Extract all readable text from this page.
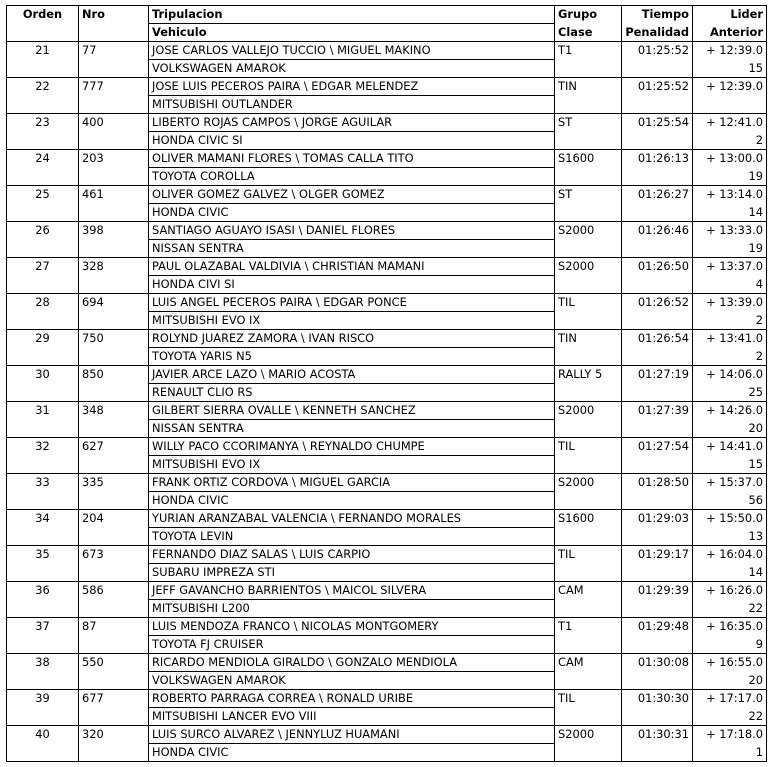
Orden	Nro	Tripulacion	Grupo	Tiempo	Lider
		Vehiculo	Clase	Penalidad	Anterior
21	77	JOSE CARLOS VALLEJO TUCCIO \ MIGUEL MAKINO	T1	01:25:52	+ 12:39.0
		VOLKSWAGEN AMAROK			15
22	777	JOSE LUIS PECEROS PAIRA \ EDGAR MELENDEZ	TIN	01:25:52	+ 12:39.0
		MITSUBISHI OUTLANDER			
23	400	LIBERTO ROJAS CAMPOS \ JORGE AGUILAR	ST	01:25:54	+ 12:41.0
		HONDA CIVIC SI			2
24	203	OLIVER MAMANI FLORES \ TOMAS CALLA TITO	S1600	01:26:13	+ 13:00.0
		TOYOTA COROLLA			19
25	461	OLIVER GOMEZ GALVEZ \ OLGER GOMEZ	ST	01:26:27	+ 13:14.0
		HONDA CIVIC			14
26	398	SANTIAGO AGUAYO ISASI \ DANIEL FLORES	S2000	01:26:46	+ 13:33.0
		NISSAN SENTRA			19
27	328	PAUL OLAZABAL VALDIVIA \ CHRISTIAN MAMANI	S2000	01:26:50	+ 13:37.0
		HONDA CIVI SI			4
28	694	LUIS ANGEL PECEROS PAIRA \ EDGAR PONCE	TIL	01:26:52	+ 13:39.0
		MITSUBISHI EVO IX			2
29	750	ROLYND JUAREZ ZAMORA \ IVAN RISCO	TIN	01:26:54	+ 13:41.0
		TOYOTA YARIS N5			2
30	850	JAVIER ARCE LAZO \ MARIO ACOSTA	RALLY 5	01:27:19	+ 14:06.0
		RENAULT CLIO RS			25
31	348	GILBERT SIERRA OVALLE \ KENNETH SANCHEZ	S2000	01:27:39	+ 14:26.0
		NISSAN SENTRA			20
32	627	WILLY PACO CCORIMANYA \ REYNALDO CHUMPE	TIL	01:27:54	+ 14:41.0
		MITSUBISHI EVO IX			15
33	335	FRANK ORTIZ CORDOVA \ MIGUEL GARCIA	S2000	01:28:50	+ 15:37.0
		HONDA CIVIC			56
34	204	YURIAN ARANZABAL VALENCIA \ FERNANDO MORALES	S1600	01:29:03	+ 15:50.0
		TOYOTA LEVIN			13
35	673	FERNANDO DIAZ SALAS \ LUIS CARPIO	TIL	01:29:17	+ 16:04.0
		SUBARU IMPREZA STI			14
36	586	JEFF GAVANCHO BARRIENTOS \ MAICOL SILVERA	CAM	01:29:39	+ 16:26.0
		MITSUBISHI L200			22
37	87	LUIS MENDOZA FRANCO \ NICOLAS MONTGOMERY	T1	01:29:48	+ 16:35.0
		TOYOTA FJ CRUISER			9
38	550	RICARDO MENDIOLA GIRALDO \ GONZALO MENDIOLA	CAM	01:30:08	+ 16:55.0
		VOLKSWAGEN AMAROK			20
39	677	ROBERTO PARRAGA CORREA \ RONALD URIBE	TIL	01:30:30	+ 17:17.0
		MITSUBISHI LANCER EVO VIII			22
40	320	LUIS SURCO ALVAREZ \ JENNYLUZ HUAMANI	S2000	01:30:31	+ 17:18.0
		HONDA CIVIC			1
